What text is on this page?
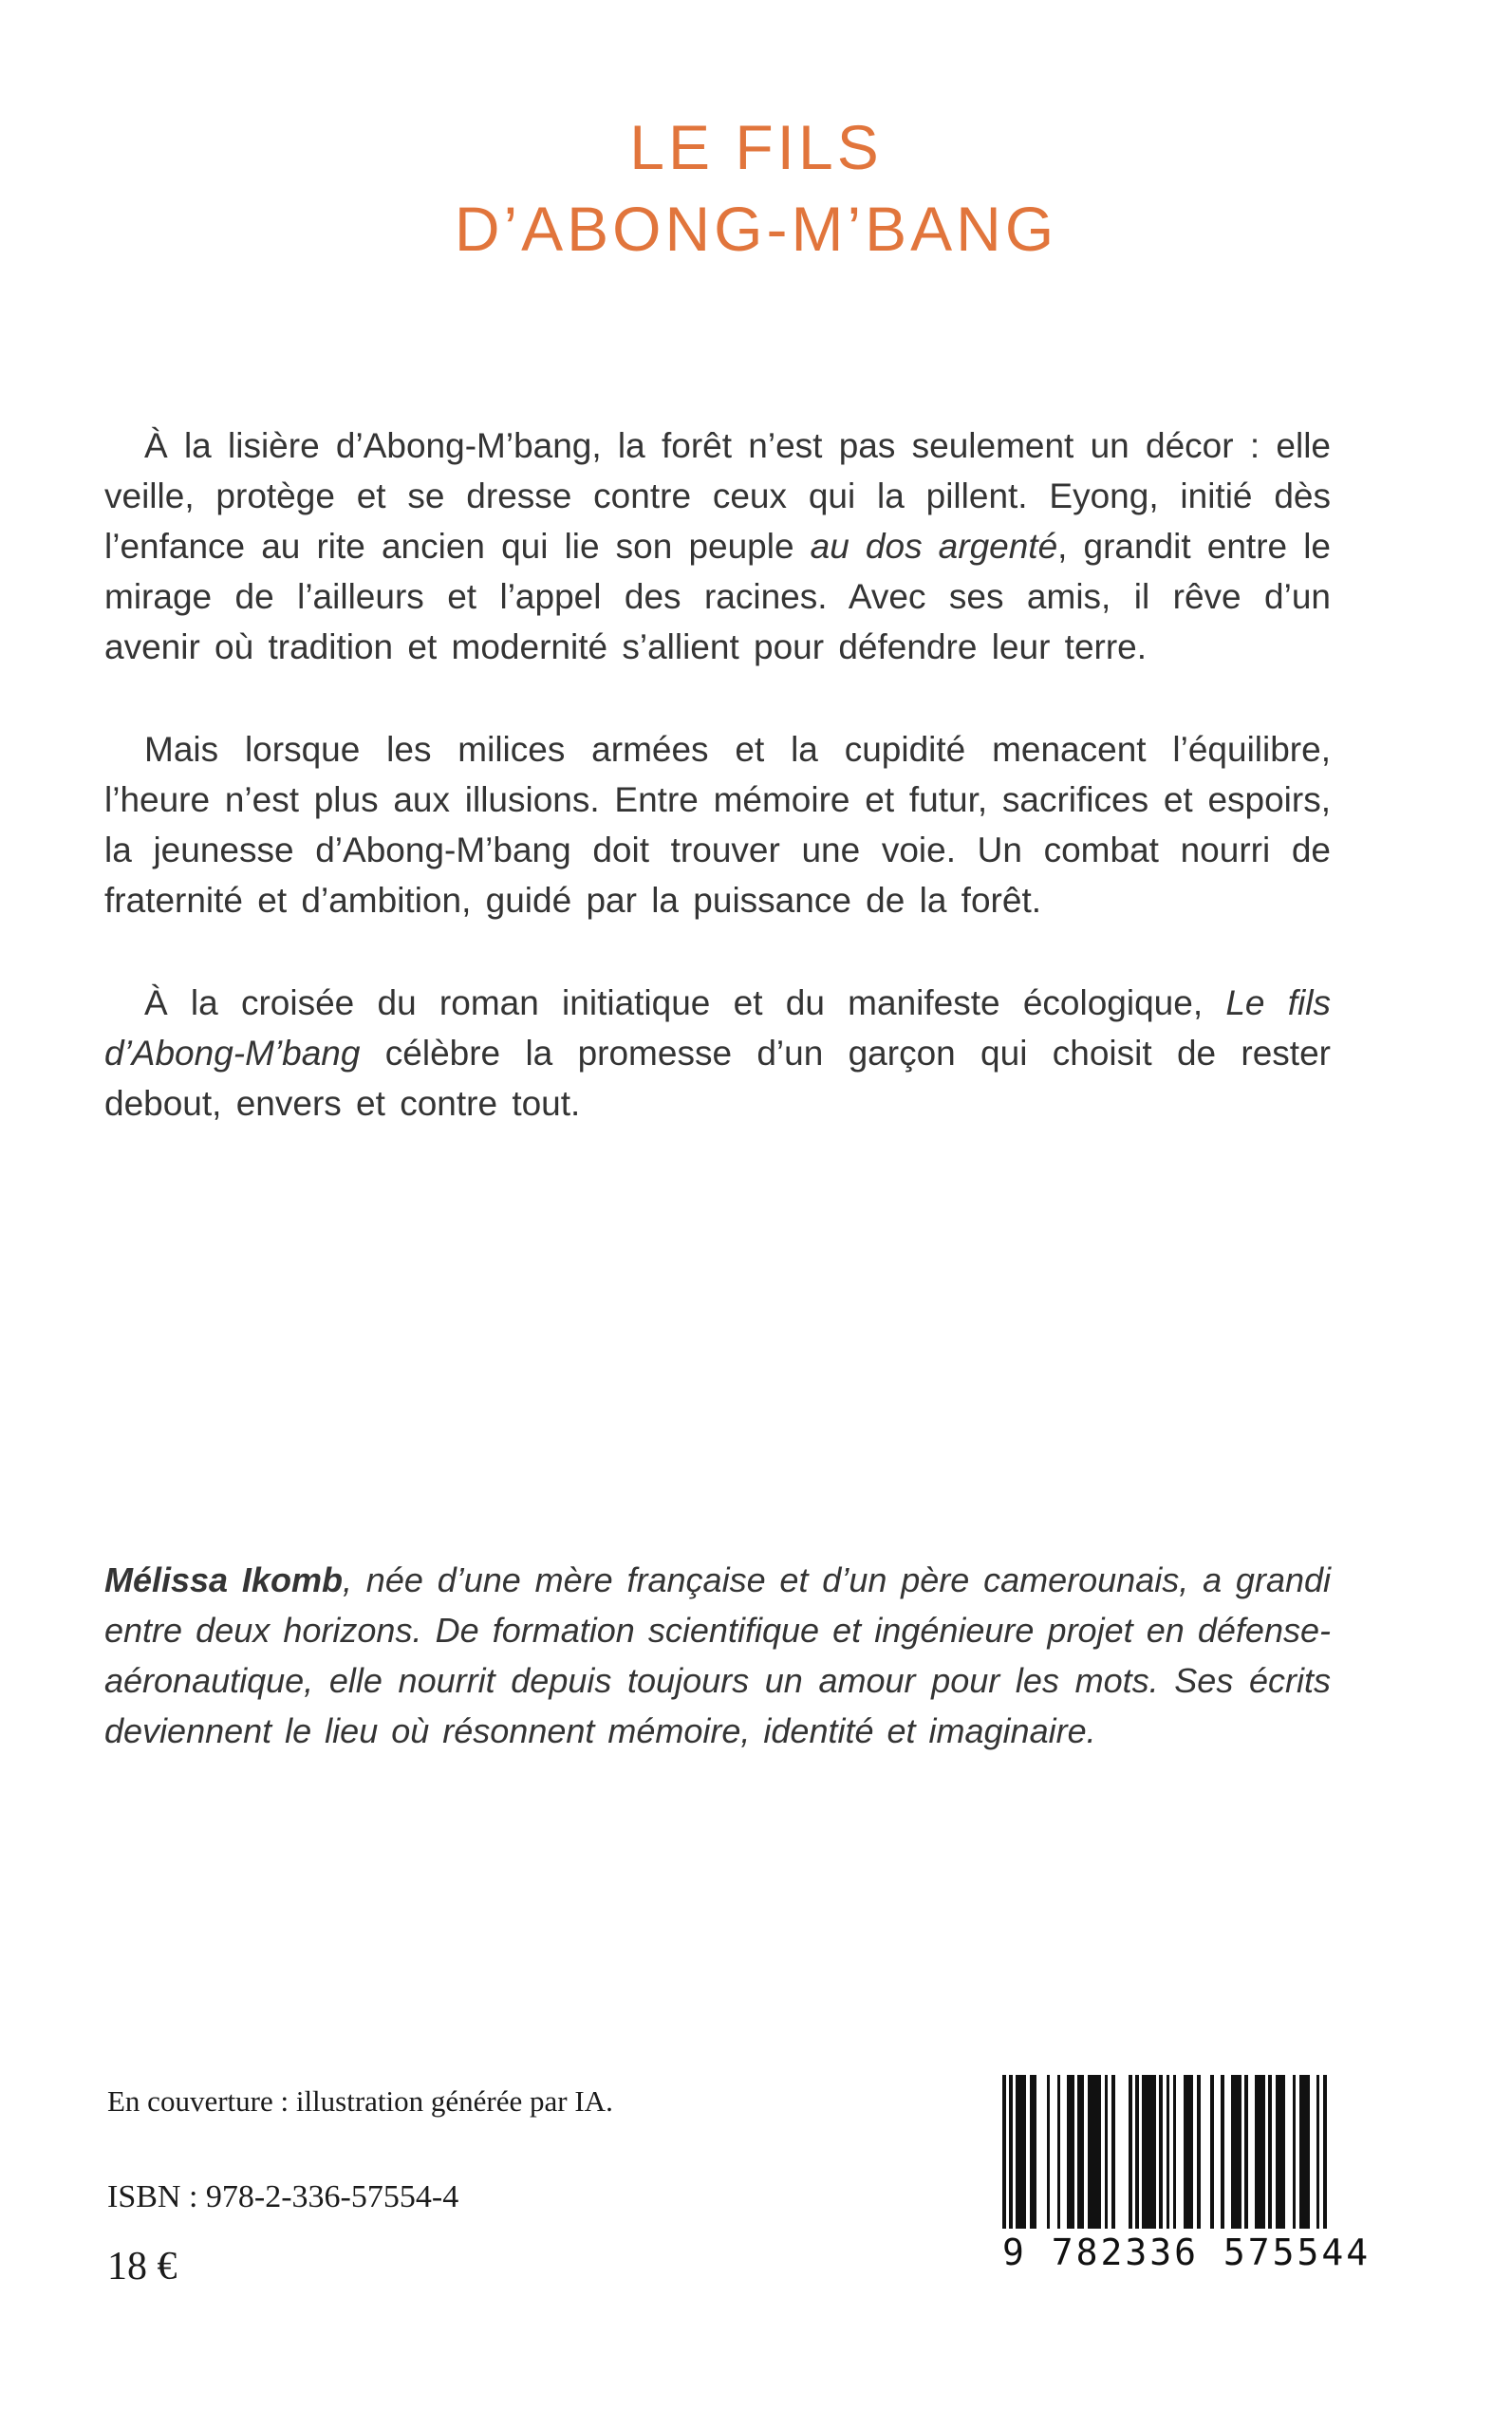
LE FILS
D’ABONG-M’BANG

À la lisière d’Abong-M’bang, la forêt n’est pas seulement un décor : elle veille, protège et se dresse contre ceux qui la pillent. Eyong, initié dès l’enfance au rite ancien qui lie son peuple au dos argenté, grandit entre le mirage de l’ailleurs et l’appel des racines. Avec ses amis, il rêve d’un avenir où tradition et modernité s’allient pour défendre leur terre.

Mais lorsque les milices armées et la cupidité menacent l’équilibre, l’heure n’est plus aux illusions. Entre mémoire et futur, sacrifices et espoirs, la jeunesse d’Abong-M’bang doit trouver une voie. Un combat nourri de fraternité et d’ambition, guidé par la puissance de la forêt.

À la croisée du roman initiatique et du manifeste écologique, Le fils d’Abong-M’bang célèbre la promesse d’un garçon qui choisit de rester debout, envers et contre tout.

Mélissa Ikomb, née d’une mère française et d’un père camerounais, a grandi entre deux horizons. De formation scientifique et ingénieure projet en défense-aéronautique, elle nourrit depuis toujours un amour pour les mots. Ses écrits deviennent le lieu où résonnent mémoire, identité et imaginaire.

En couverture : illustration générée par IA.
ISBN : 978-2-336-57554-4
18 €	9 782336 575544
